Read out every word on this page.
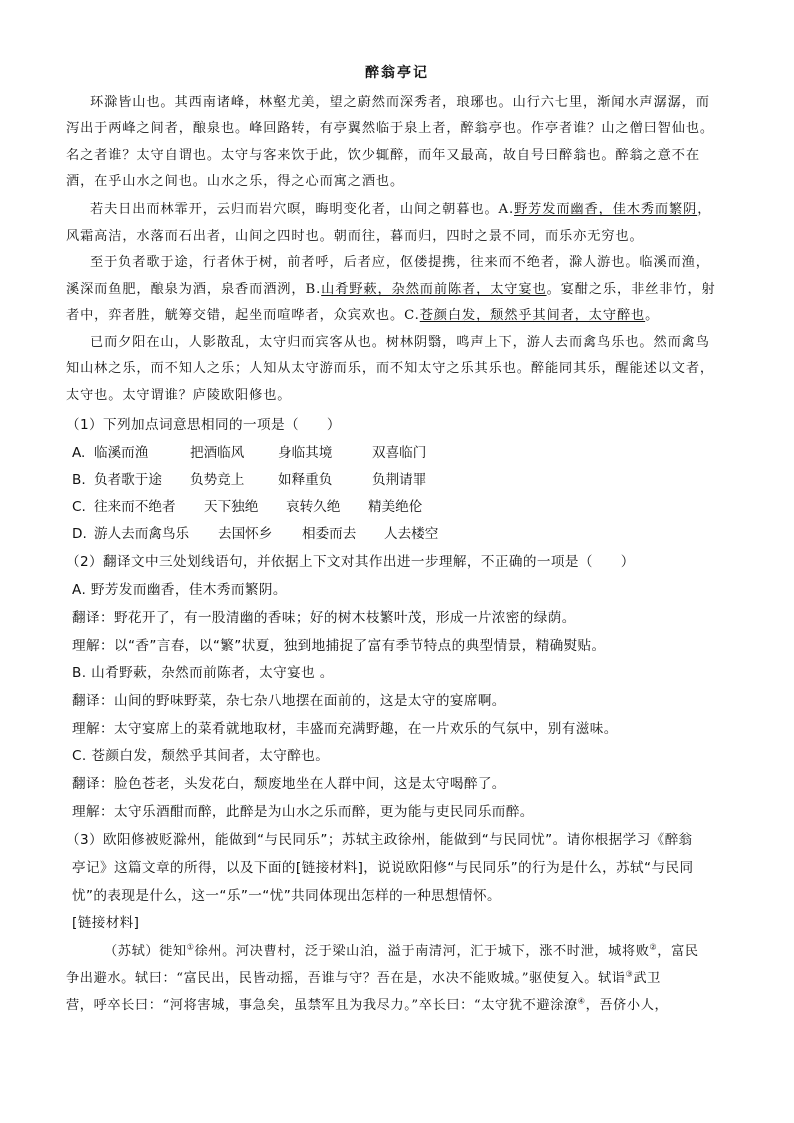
醉翁亭记
环滁皆山也。其西南诸峰，林壑尤美，望之蔚然而深秀者，琅琊也。山行六七里，渐闻水声潺潺，而
泻出于两峰之间者，酿泉也。峰回路转，有亭翼然临于泉上者，醉翁亭也。作亭者谁？山之僧曰智仙也。
名之者谁？太守自谓也。太守与客来饮于此，饮少辄醉，而年又最高，故自号曰醉翁也。醉翁之意不在
酒，在乎山水之间也。山水之乐，得之心而寓之酒也。
若夫日出而林霏开，云归而岩穴暝，晦明变化者，山间之朝暮也。A.野芳发而幽香，佳木秀而繁阴，
风霜高洁，水落而石出者，山间之四时也。朝而往，暮而归，四时之景不同，而乐亦无穷也。
至于负者歌于途，行者休于树，前者呼，后者应，伛偻提携，往来而不绝者，滁人游也。临溪而渔，
溪深而鱼肥，酿泉为酒，泉香而酒洌，B.山肴野蔌，杂然而前陈者，太守宴也。宴酣之乐，非丝非竹，射
者中，弈者胜，觥筹交错，起坐而喧哗者，众宾欢也。C.苍颜白发，颓然乎其间者，太守醉也。
已而夕阳在山，人影散乱，太守归而宾客从也。树林阴翳，鸣声上下，游人去而禽鸟乐也。然而禽鸟
知山林之乐，而不知人之乐；人知从太守游而乐，而不知太守之乐其乐也。醉能同其乐，醒能述以文者，
太守也。太守谓谁？庐陵欧阳修也。
（1）下列加点词意思相同的一项是（　　）
A. 临溪而渔	把酒临风 身临其境	双喜临门
B. 负者歌于途 负势竞上 如释重负	负荆请罪
C. 往来而不绝者 天下独绝 哀转久绝 精美绝伦
D. 游人去而禽鸟乐 去国怀乡 相委而去 人去楼空
（2）翻译文中三处划线语句，并依据上下文对其作出进一步理解，不正确的一项是（　　）
A. 野芳发而幽香，佳木秀而繁阴。
翻译：野花开了，有一股清幽的香味；好的树木枝繁叶茂，形成一片浓密的绿荫。
理解：以“香”言春，以“繁”状夏，独到地捕捉了富有季节特点的典型情景，精确熨贴。
B. 山肴野蔌，杂然而前陈者，太守宴也 。
翻译：山间的野味野菜，杂七杂八地摆在面前的，这是太守的宴席啊。
理解：太守宴席上的菜肴就地取材，丰盛而充满野趣，在一片欢乐的气氛中，别有滋味。
C. 苍颜白发，颓然乎其间者，太守醉也。
翻译：脸色苍老，头发花白，颓废地坐在人群中间，这是太守喝醉了。
理解：太守乐酒酣而醉，此醉是为山水之乐而醉，更为能与吏民同乐而醉。
（3）欧阳修被贬滁州，能做到“与民同乐”；苏轼主政徐州，能做到“与民同忧”。请你根据学习《醉翁
亭记》这篇文章的所得，以及下面的[链接材料]，说说欧阳修“与民同乐”的行为是什么，苏轼“与民同
忧”的表现是什么，这一“乐”一“忧”共同体现出怎样的一种思想情怀。
[链接材料]
（苏轼）徙知①徐州。河决曹村，泛于梁山泊，溢于南清河，汇于城下，涨不时泄，城将败②，富民
争出避水。轼曰：“富民出，民皆动摇，吾谁与守？吾在是，水决不能败城。”驱使复入。轼诣③武卫
营，呼卒长曰：“河将害城，事急矣，虽禁军且为我尽力。”卒长曰：“太守犹不避涂潦④，吾侪小人，
